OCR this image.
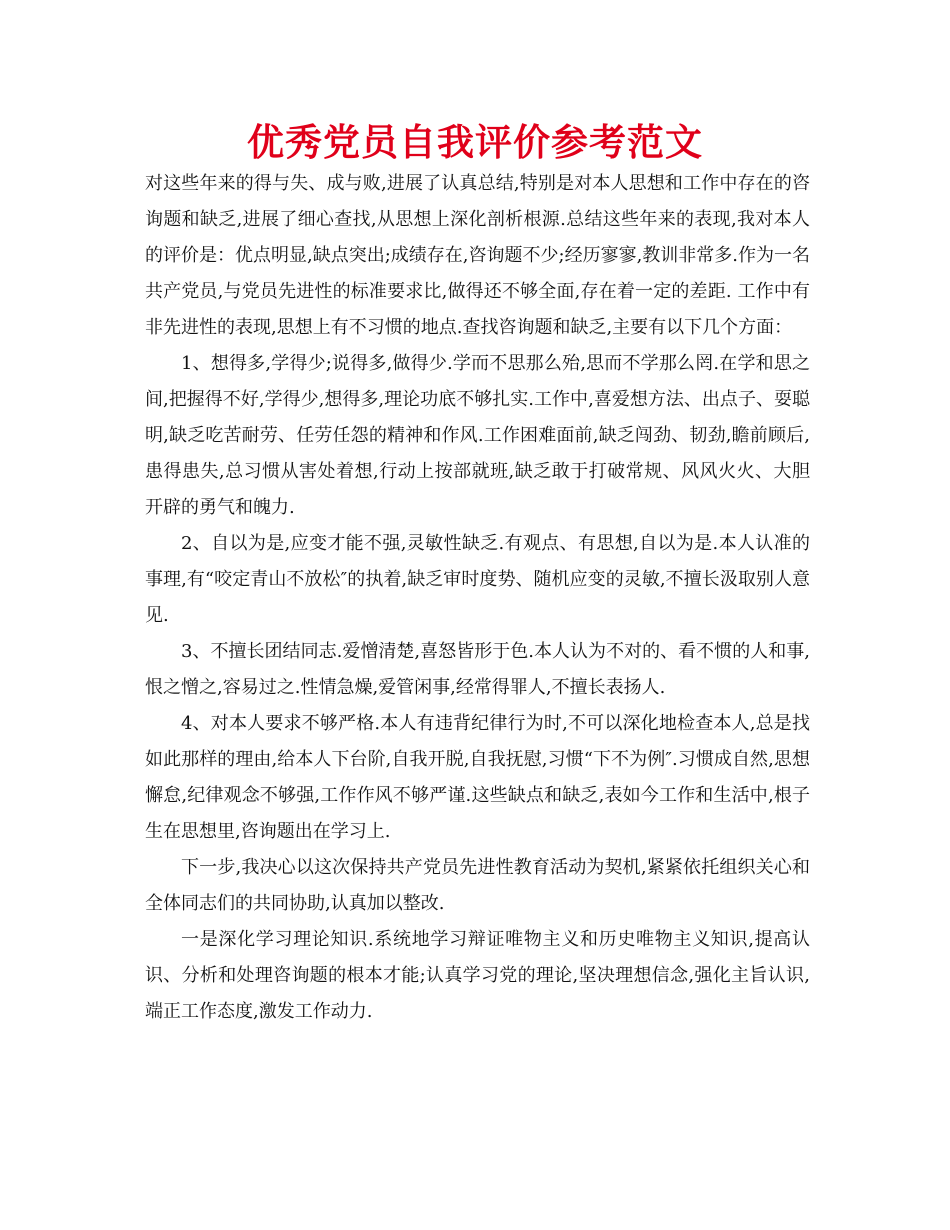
优秀党员自我评价参考范文

对这些年来的得与失、成与败,进展了认真总结,特别是对本人思想和工作中存在的咨询题和缺乏,进展了细心查找,从思想上深化剖析根源.总结这些年来的表现,我对本人的评价是：优点明显,缺点突出;成绩存在,咨询题不少;经历寥寥,教训非常多.作为一名共产党员,与党员先进性的标准要求比,做得还不够全面,存在着一定的差距. 工作中有非先进性的表现,思想上有不习惯的地点.查找咨询题和缺乏,主要有以下几个方面：

1、想得多,学得少;说得多,做得少.学而不思那么殆,思而不学那么罔.在学和思之间,把握得不好,学得少,想得多,理论功底不够扎实.工作中,喜爱想方法、出点子、耍聪明,缺乏吃苦耐劳、任劳任怨的精神和作风.工作困难面前,缺乏闯劲、韧劲,瞻前顾后,患得患失,总习惯从害处着想,行动上按部就班,缺乏敢于打破常规、风风火火、大胆开辟的勇气和魄力.

2、自以为是,应变才能不强,灵敏性缺乏.有观点、有思想,自以为是.本人认准的事理,有“咬定青山不放松″的执着,缺乏审时度势、随机应变的灵敏,不擅长汲取别人意见.

3、不擅长团结同志.爱憎清楚,喜怒皆形于色.本人认为不对的、看不惯的人和事,恨之憎之,容易过之.性情急燥,爱管闲事,经常得罪人,不擅长表扬人.

4、对本人要求不够严格.本人有违背纪律行为时,不可以深化地检查本人,总是找如此那样的理由,给本人下台阶,自我开脱,自我抚慰,习惯“下不为例″.习惯成自然,思想懈怠,纪律观念不够强,工作作风不够严谨.这些缺点和缺乏,表如今工作和生活中,根子生在思想里,咨询题出在学习上.

下一步,我决心以这次保持共产党员先进性教育活动为契机,紧紧依托组织关心和全体同志们的共同协助,认真加以整改.

一是深化学习理论知识.系统地学习辩证唯物主义和历史唯物主义知识,提高认识、分析和处理咨询题的根本才能;认真学习党的理论,坚决理想信念,强化主旨认识,端正工作态度,激发工作动力.
